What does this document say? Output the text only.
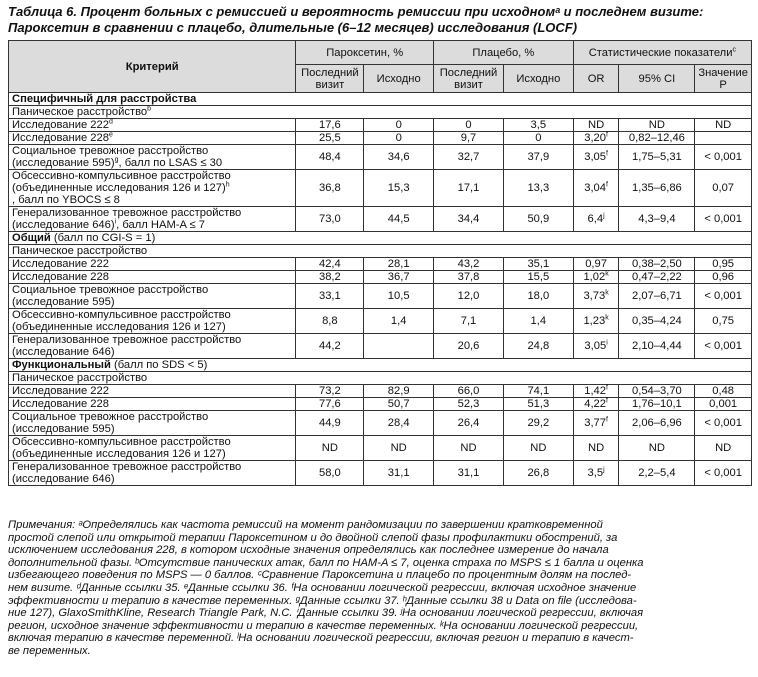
Таблица 6. Процент больных с ремиссией и вероятность ремиссии при исходномᵃ и последнем визите:
Пароксетин в сравнении с плацебо, длительные (6–12 месяцев) исследования (LOCF)
Критерий	Пароксетин, %		Плацебо, %		Статистические показатели$^c$
	Последний визит	Исходно	Последний визит	Исходно	OR	95% CI	Значение P
Специфичный для расстройства							
Паническое расстройство$^b$
Исследование 222$^d$	17,6	0	0	3,5	ND	ND	ND
Исследование 228e	25,5	0	9,7	0	3,20$^f$	0,82–12,46	
Социальное тревожное расстройство
(исследование 595)$^g$, балл по LSAS ≤ 30	48,4	34,6	32,7	37,9	3,05$^f$	1,75–5,31	< 0,001
Обсессивно-компульсивное расстройство
(объединенные исследования 126 и 127)$^h$
, балл по YBOCS ≤ 8	36,8	15,3	17,1	13,3	3,04$^f$	1,35–6,86	0,07
Генерализованное тревожное расстройство
(исследование 646)$^i$, балл HAM-A ≤ 7	73,0	44,5	34,4	50,9	6,4$^j$	4,3–9,4	< 0,001
Общий (балл по CGI-S = 1)							
Паническое расстройство							
Исследование 222	42,4	28,1	43,2	35,1	0,97	0,38–2,50	0,95
Исследование 228	38,2	36,7	37,8	15,5	1,02$^k$	0,47–2,22	0,96
Социальное тревожное расстройство
(исследование 595)	33,1	10,5	12,0	18,0	3,73$^k$	2,07–6,71	< 0,001
Обсессивно-компульсивное расстройство
(объединенные исследования 126 и 127)	8,8	1,4	7,1	1,4	1,23$^k$	0,35–4,24	0,75
Генерализованное тревожное расстройство
(исследование 646)	44,2		20,6	24,8	3,05$^i$	2,10–4,44	< 0,001
Функциональный (балл по SDS < 5)							
Паническое расстройство							
Исследование 222	73,2	82,9	66,0	74,1	1,42$^f$	0,54–3,70	0,48
Исследование 228	77,6	50,7	52,3	51,3	4,22$^f$	1,76–10,1	0,001
Социальное тревожное расстройство
(исследование 595)	44,9	28,4	26,4	29,2	3,77$^f$	2,06–6,96	< 0,001
Обсессивно-компульсивное расстройство
(объединенные исследования 126 и 127)	ND	ND	ND	ND	ND	ND	ND
Генерализованное тревожное расстройство
(исследование 646)	58,0	31,1	31,1	26,8	3,5$^j$	2,2–5,4	< 0,001
Примечания: ᵃОпределялись как частота ремиссий на момент рандомизации по завершении кратковременной
простой слепой или открытой терапии Пароксетином и до двойной слепой фазы профилактики обострений, за
исключением исследования 228, в котором исходные значения определялись как последнее измерение до начала
дополнительной фазы. ᵇОтсутствие панических атак, балл по HAM-A ≤ 7, оценка страха по MSPS ≤ 1 балла и оценка
избегающего поведения по MSPS — 0 баллов. ᶜСравнение Пароксетина и плацебо по процентным долям на послед-
нем визите. ᵈДанные ссылки 35. ᵉДанные ссылки 36. ᶠНа основании логической регрессии, включая исходное значение
эффективности и терапию в качестве переменных. ᵍДанные ссылки 37. ʰДанные ссылки 38 и Data on file (исследова-
ние 127), GlaxoSmithKline, Research Triangle Park, N.C. ⁱДанные ссылки 39. ʲНа основании логической регрессии, включая
регион, исходное значение эффективности и терапию в качестве переменных. ᵏНа основании логической регрессии,
включая терапию в качестве переменной. ˡНа основании логической регрессии, включая регион и терапию в качест-
ве переменных.
